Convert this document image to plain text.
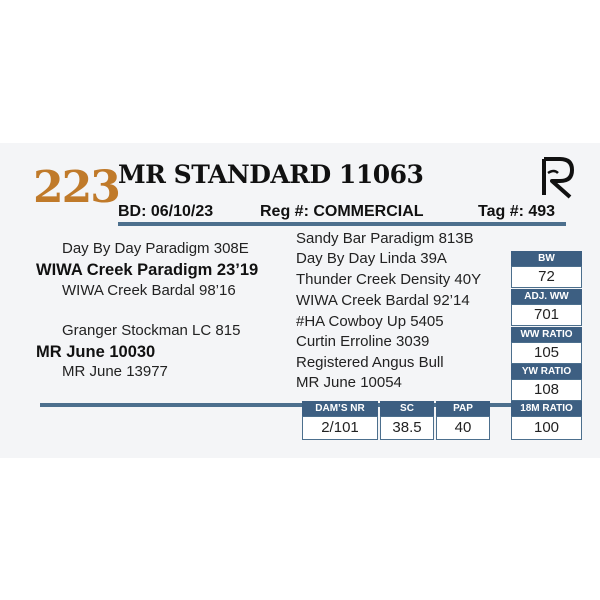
223 MR STANDARD 11063
BD: 06/10/23	Reg #: COMMERCIAL	Tag #: 493
Day By Day Paradigm 308E
WIWA Creek Paradigm 23’19
WIWA Creek Bardal 98’16
Granger Stockman LC 815
MR June 10030
MR June 13977
Sandy Bar Paradigm 813B
Day By Day Linda 39A
Thunder Creek Density 40Y
WIWA Creek Bardal 92’14
#HA Cowboy Up 5405
Curtin Erroline 3039
Registered Angus Bull
MR June 10054
BW
72
ADJ. WW
701
WW RATIO
105
YW RATIO
108
18M RATIO
100
DAM’S NR
2/101
SC
38.5
PAP
40
